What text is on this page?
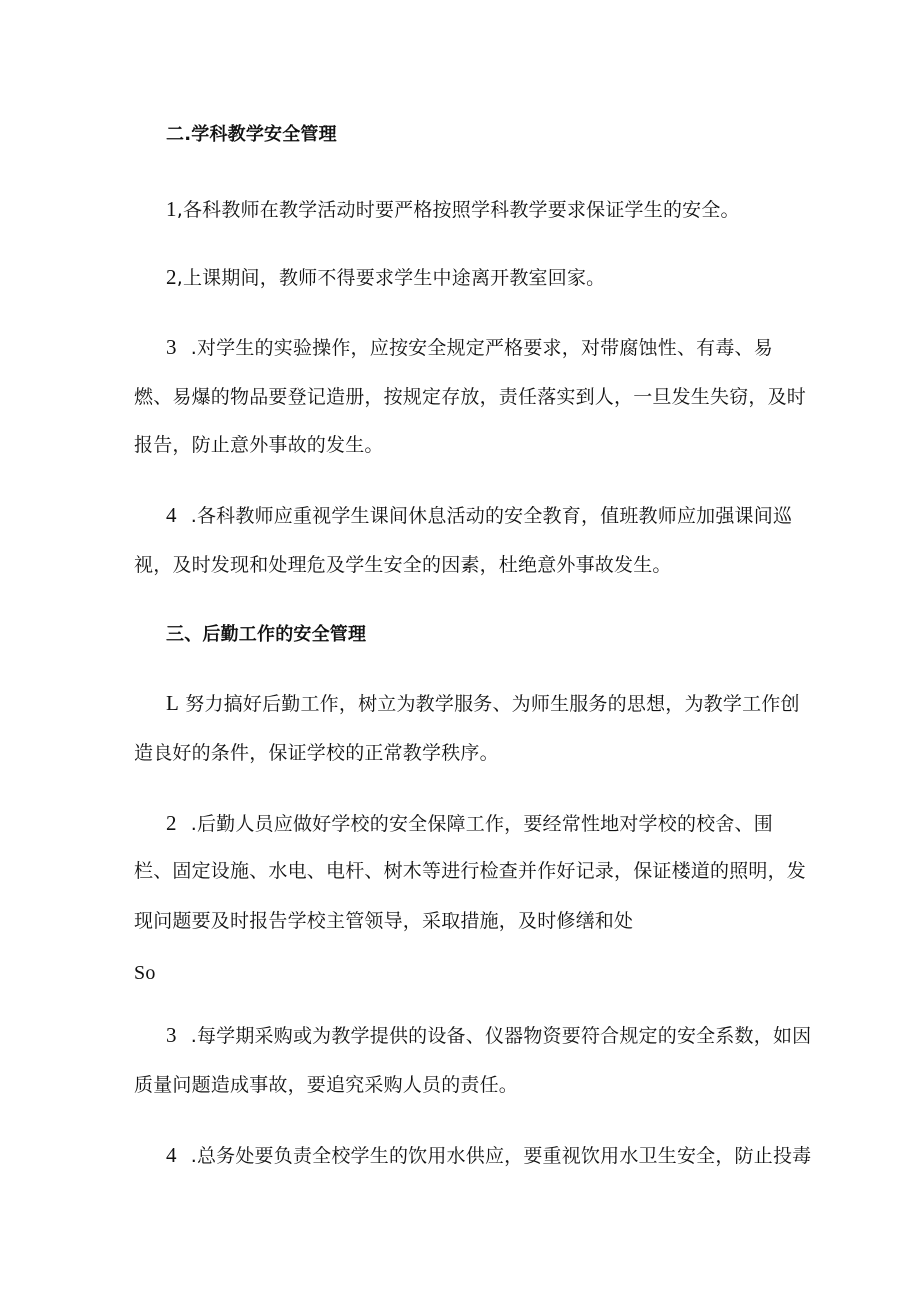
二.学科教学安全管理
1,各科教师在教学活动时要严格按照学科教学要求保证学生的安全。
2,上课期间，教师不得要求学生中途离开教室回家。
3 .对学生的实验操作，应按安全规定严格要求，对带腐蚀性、有毒、易
燃、易爆的物品要登记造册，按规定存放，责任落实到人，一旦发生失窃，及时
报告，防止意外事故的发生。
4 .各科教师应重视学生课间休息活动的安全教育，值班教师应加强课间巡
视，及时发现和处理危及学生安全的因素，杜绝意外事故发生。
三、后勤工作的安全管理
L 努力搞好后勤工作，树立为教学服务、为师生服务的思想，为教学工作创
造良好的条件，保证学校的正常教学秩序。
2 .后勤人员应做好学校的安全保障工作，要经常性地对学校的校舍、围
栏、固定设施、水电、电杆、树木等进行检查并作好记录，保证楼道的照明，发
现问题要及时报告学校主管领导，采取措施，及时修缮和处
So
3 .每学期采购或为教学提供的设备、仪器物资要符合规定的安全系数，如因
质量问题造成事故，要追究采购人员的责任。
4 .总务处要负责全校学生的饮用水供应，要重视饮用水卫生安全，防止投毒
